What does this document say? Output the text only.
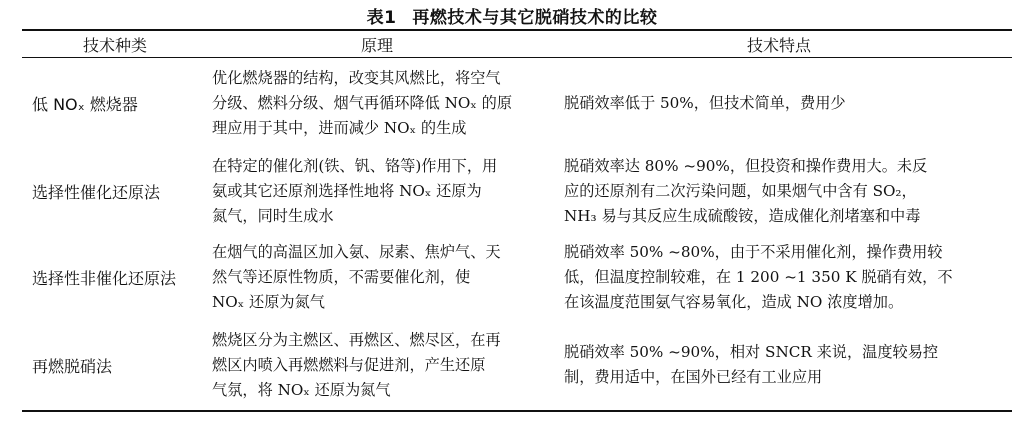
表1 再燃技术与其它脱硝技术的比较
技术种类	原理	技术特点
低 NOₓ 燃烧器
优化燃烧器的结构，改变其风燃比，将空气
分级、燃料分级、烟气再循环降低 NOₓ 的原
理应用于其中，进而减少 NOₓ 的生成
脱硝效率低于 50%，但技术简单，费用少
选择性催化还原法
在特定的催化剂(铁、钒、铬等)作用下，用
氨或其它还原剂选择性地将 NOₓ 还原为
氮气，同时生成水
脱硝效率达 80% ~90%，但投资和操作费用大。未反
应的还原剂有二次污染问题，如果烟气中含有 SO₂，
NH₃ 易与其反应生成硫酸铵，造成催化剂堵塞和中毒
选择性非催化还原法
在烟气的高温区加入氨、尿素、焦炉气、天
然气等还原性物质，不需要催化剂，使
NOₓ 还原为氮气
脱硝效率 50% ~80%，由于不采用催化剂，操作费用较
低，但温度控制较难，在 1 200 ~1 350 K 脱硝有效，不
在该温度范围氨气容易氧化，造成 NO 浓度增加。
再燃脱硝法
燃烧区分为主燃区、再燃区、燃尽区，在再
燃区内喷入再燃燃料与促进剂，产生还原
气氛，将 NOₓ 还原为氮气
脱硝效率 50% ~90%，相对 SNCR 来说，温度较易控
制，费用适中，在国外已经有工业应用
